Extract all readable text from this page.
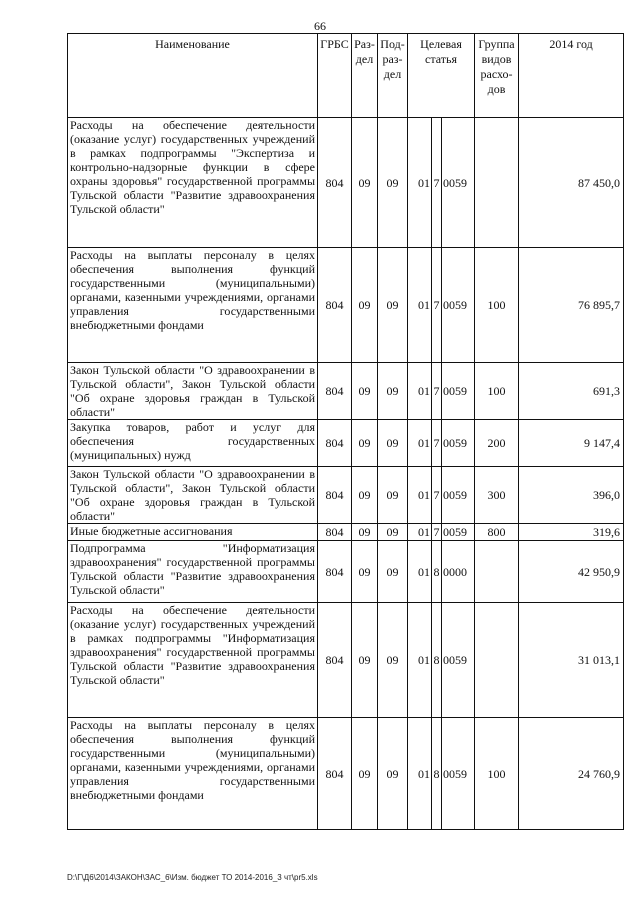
66
Наименование	ГРБС	Раз-дел	Под-раз-дел	Целевая статья			Группа видов расхо-дов	2014 год
Расходы на обеспечение деятельности (оказание услуг) государственных учреждений в рамках подпрограммы "Экспертиза и контрольно-надзорные функции в сфере охраны здоровья" государственной программы Тульской области "Развитие здравоохранения Тульской области"	804	09	09	01	7	0059		87 450,0
Расходы на выплаты персоналу в целях обеспечения выполнения функций государственными (муниципальными) органами, казенными учреждениями, органами управления государственными внебюджетными фондами	804	09	09	01	7	0059	100	76 895,7
Закон Тульской области "О здравоохранении в Тульской области", Закон Тульской области "Об охране здоровья граждан в Тульской области"	804	09	09	01	7	0059	100	691,3
Закупка товаров, работ и услуг для обеспечения государственных (муниципальных) нужд	804	09	09	01	7	0059	200	9 147,4
Закон Тульской области "О здравоохранении в Тульской области", Закон Тульской области "Об охране здоровья граждан в Тульской области"	804	09	09	01	7	0059	300	396,0
Иные бюджетные ассигнования	804	09	09	01	7	0059	800	319,6
Подпрограмма "Информатизация здравоохранения" государственной программы Тульской области "Развитие здравоохранения Тульской области"	804	09	09	01	8	0000		42 950,9
Расходы на обеспечение деятельности (оказание услуг) государственных учреждений в рамках подпрограммы "Информатизация здравоохранения" государственной программы Тульской области "Развитие здравоохранения Тульской области"	804	09	09	01	8	0059		31 013,1
Расходы на выплаты персоналу в целях обеспечения выполнения функций государственными (муниципальными) органами, казенными учреждениями, органами управления государственными внебюджетными фондами	804	09	09	01	8	0059	100	24 760,9
D:\Г\Д6\2014\ЗАКОН\ЗАС_6\Изм. бюджет ТО 2014-2016_3 чт\pr5.xls
